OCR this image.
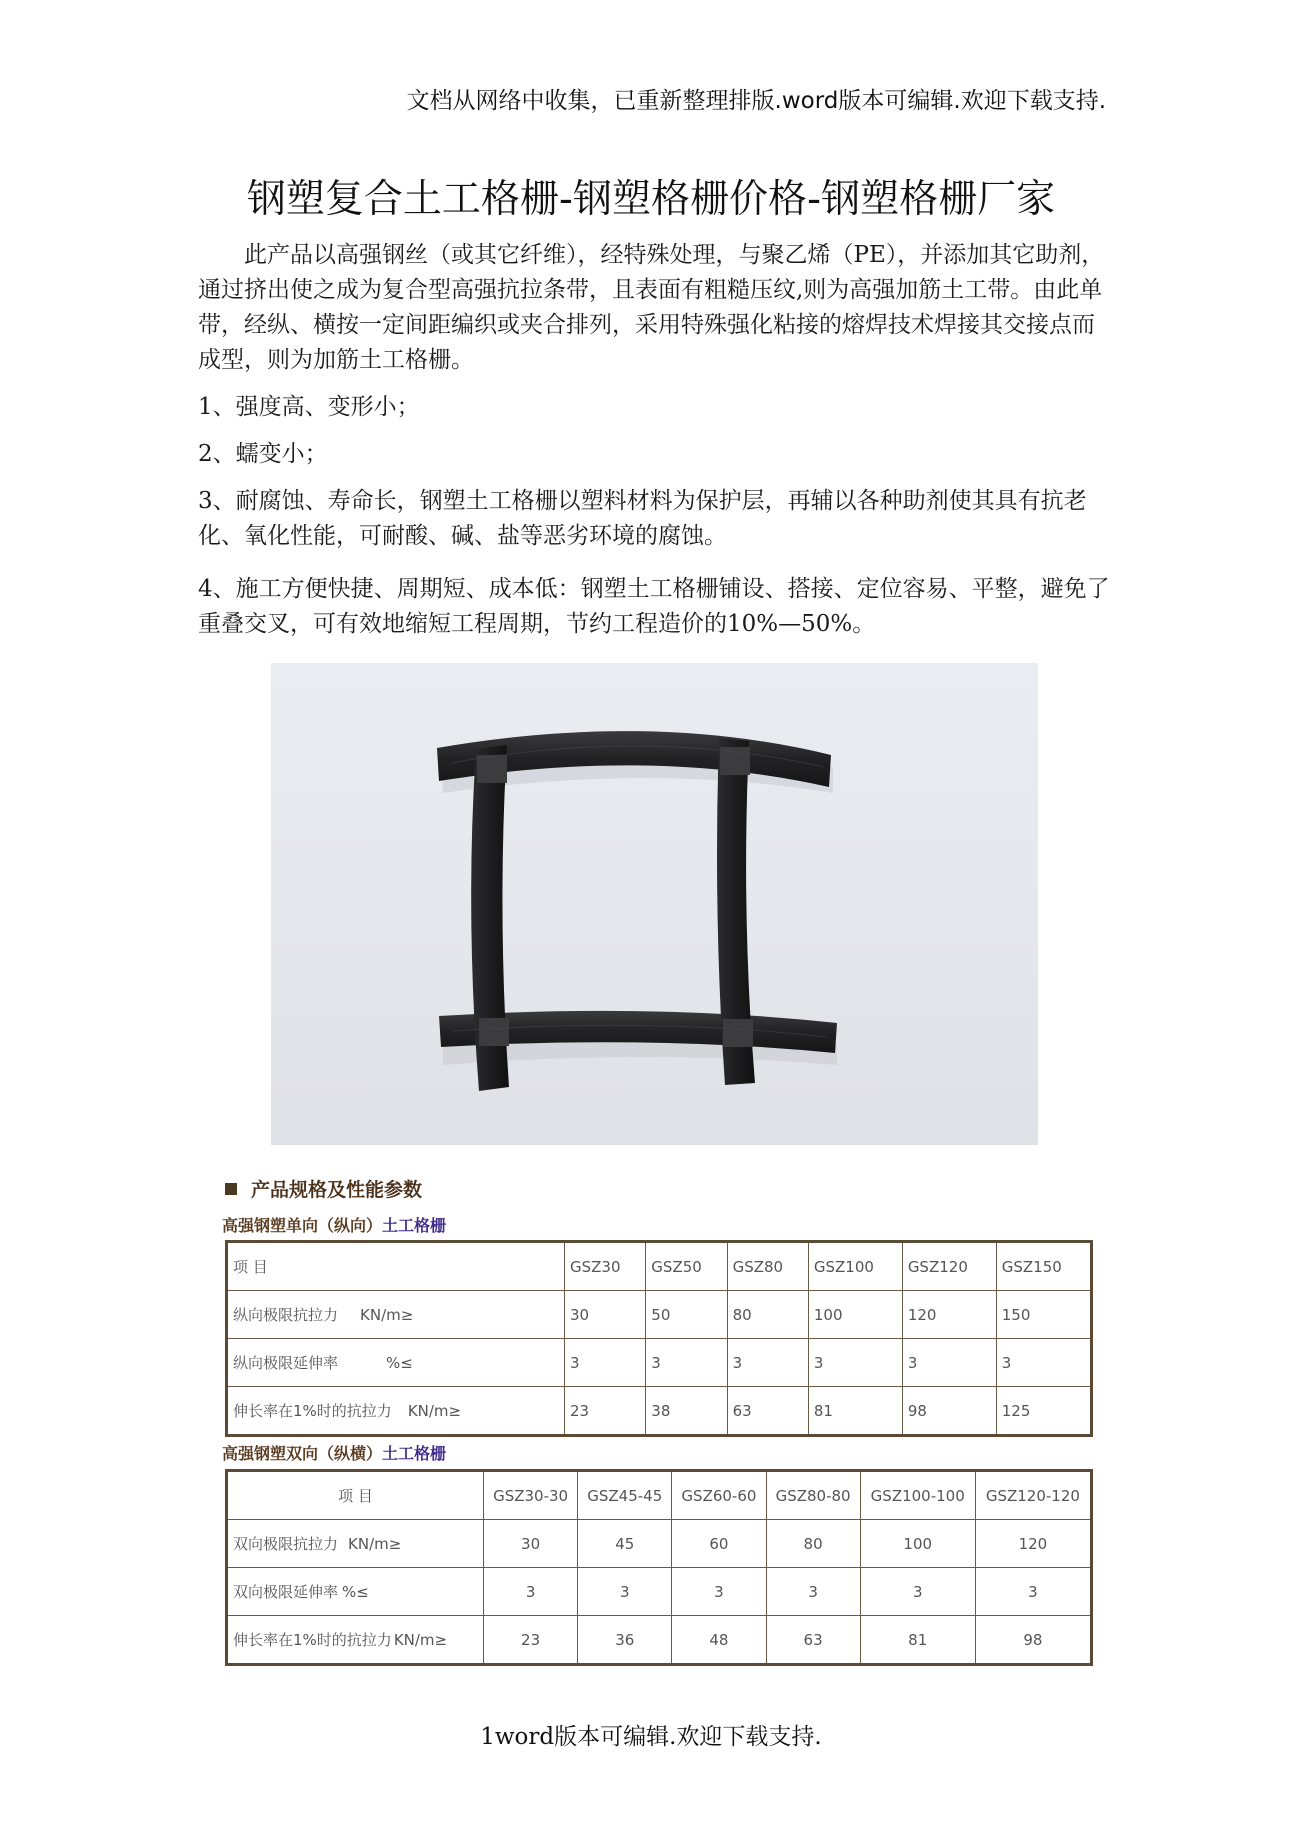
文档从网络中收集，已重新整理排版.word版本可编辑.欢迎下载支持.
钢塑复合土工格栅-钢塑格栅价格-钢塑格栅厂家

此产品以高强钢丝（或其它纤维），经特殊处理，与聚乙烯（PE），并添加其它助剂，通过挤出使之成为复合型高强抗拉条带，且表面有粗糙压纹,则为高强加筋土工带。由此单带，经纵、横按一定间距编织或夹合排列，采用特殊强化粘接的熔焊技术焊接其交接点而成型，则为加筋土工格栅。

1、强度高、变形小；

2、蠕变小；

3、耐腐蚀、寿命长，钢塑土工格栅以塑料材料为保护层，再辅以各种助剂使其具有抗老化、氧化性能，可耐酸、碱、盐等恶劣环境的腐蚀。

4、施工方便快捷、周期短、成本低：钢塑土工格栅铺设、搭接、定位容易、平整，避免了重叠交叉，可有效地缩短工程周期，节约工程造价的10%—50%。

产品规格及性能参数
高强钢塑单向（纵向）土工格栅
项 目	GSZ30	GSZ50	GSZ80	GSZ100	GSZ120	GSZ150
纵向极限抗拉力 KN/m≥	30	50	80	100	120	150
纵向极限延伸率 %≤	3	3	3	3	3	3
伸长率在1%时的抗拉力 KN/m≥	23	38	63	81	98	125
高强钢塑双向（纵横）土工格栅
项 目	GSZ30-30	GSZ45-45	GSZ60-60	GSZ80-80	GSZ100-100	GSZ120-120
双向极限抗拉力 KN/m≥	30	45	60	80	100	120
双向极限延伸率 %≤	3	3	3	3	3	3
伸长率在1%时的抗拉力 KN/m≥	23	36	48	63	81	98
1word版本可编辑.欢迎下载支持.
